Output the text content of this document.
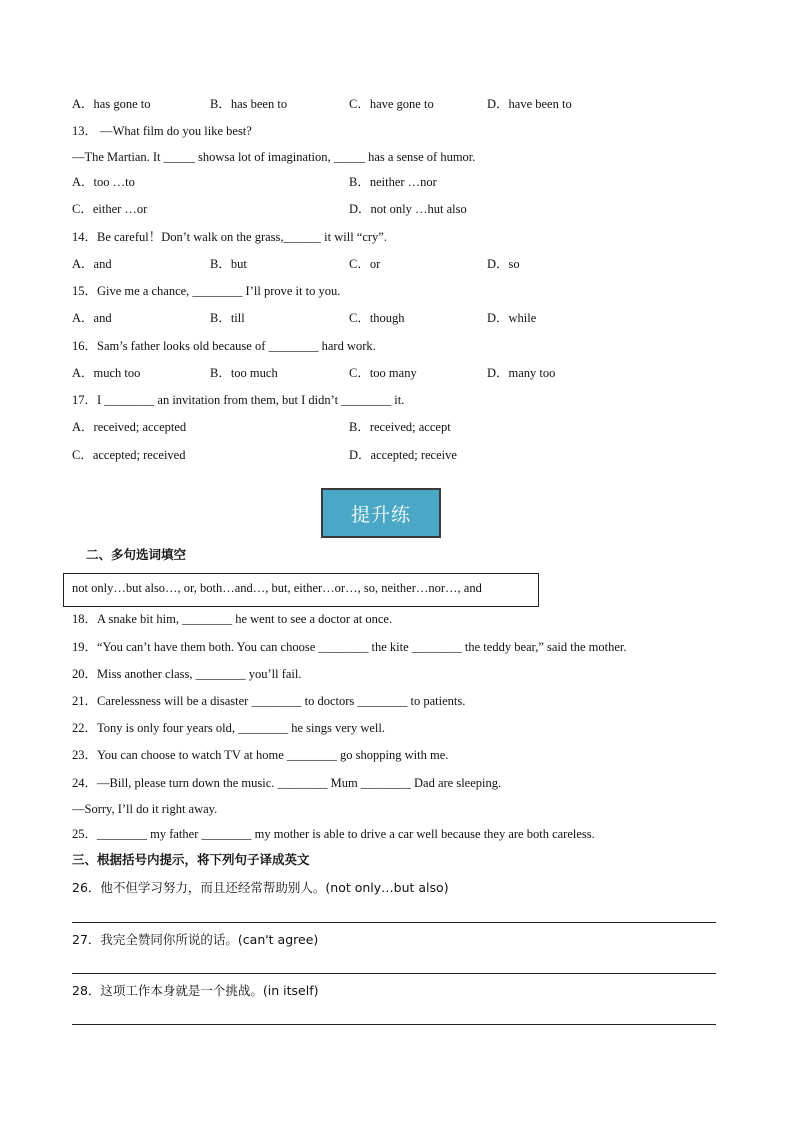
A．has gone to	B．has been to	C．have gone to	D．have been to
13． —What film do you like best?
—The Martian. It _____ showsa lot of imagination, _____ has a sense of humor.
A．too …to	B．neither …nor
C．either …or	D．not only …hut also
14．Be careful！Don’t walk on the grass,______ it will “cry”.
A．and	B．but	C．or	D．so
15．Give me a chance, ________ I’ll prove it to you.
A．and	B．till	C．though	D．while
16．Sam’s father looks old because of ________ hard work.
A．much too	B．too much	C．too many	D．many too
17．I ________ an invitation from them, but I didn’t ________ it.
A．received; accepted	B．received; accept
C．accepted; received	D．accepted; receive
提升练
二、多句选词填空
not only…but also…, or, both…and…, but, either…or…, so, neither…nor…, and
18．A snake bit him, ________ he went to see a doctor at once.
19．“You can’t have them both. You can choose ________ the kite ________ the teddy bear,” said the mother.
20．Miss another class, ________ you’ll fail.
21．Carelessness will be a disaster ________ to doctors ________ to patients.
22．Tony is only four years old, ________ he sings very well.
23．You can choose to watch TV at home ________ go shopping with me.
24．—Bill, please turn down the music. ________ Mum ________ Dad are sleeping.
—Sorry, I’ll do it right away.
25．________ my father ________ my mother is able to drive a car well because they are both careless.
三、根据括号内提示，将下列句子译成英文
26．他不但学习努力，而且还经常帮助别人。(not only…but also)
27．我完全赞同你所说的话。(can't agree)
28．这项工作本身就是一个挑战。(in itself)
